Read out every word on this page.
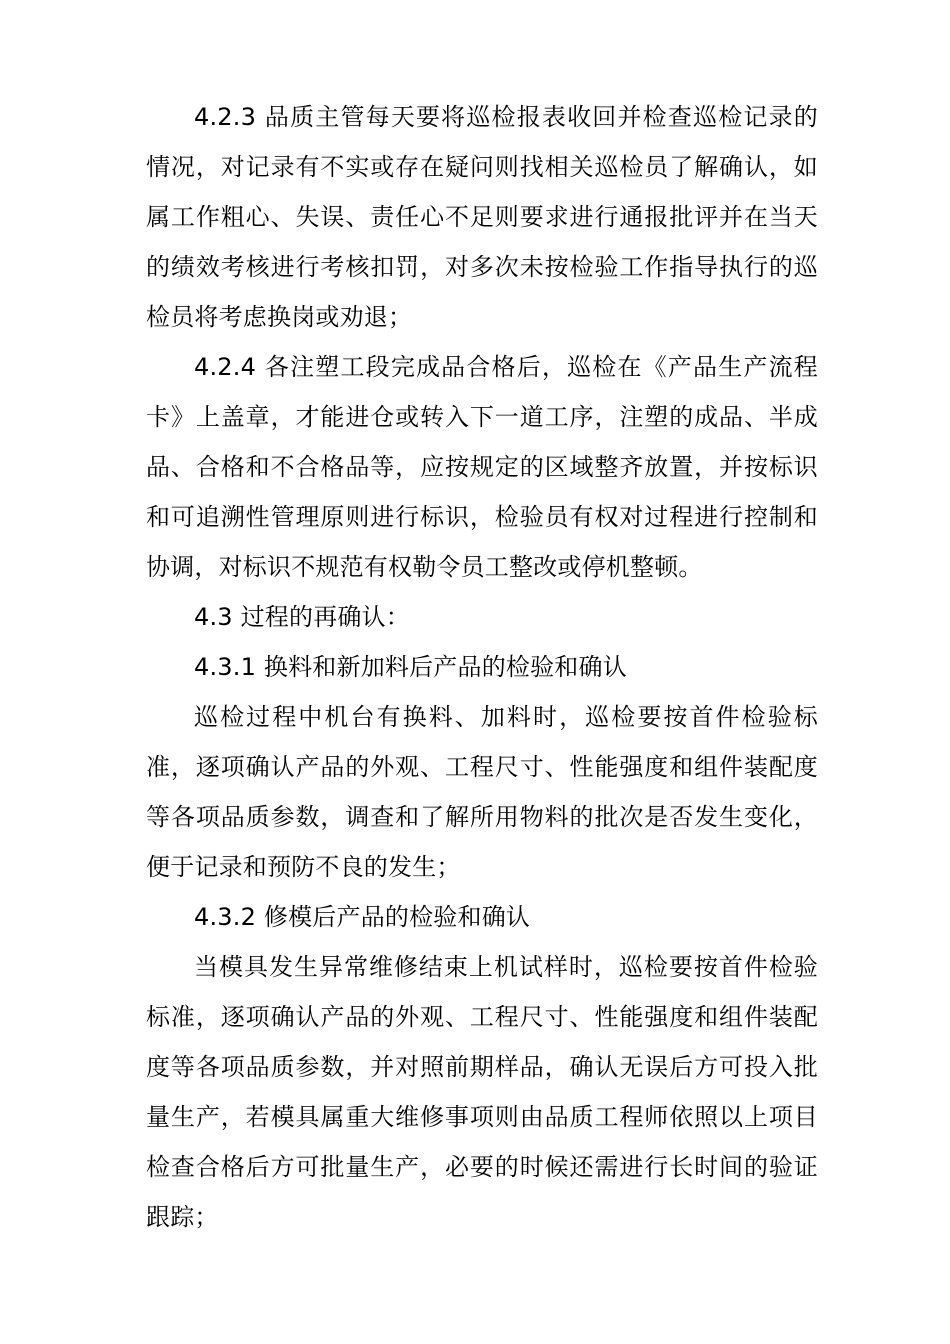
4.2.3 品质主管每天要将巡检报表收回并检查巡检记录的情况，对记录有不实或存在疑问则找相关巡检员了解确认，如属工作粗心、失误、责任心不足则要求进行通报批评并在当天的绩效考核进行考核扣罚，对多次未按检验工作指导执行的巡检员将考虑换岗或劝退；

4.2.4 各注塑工段完成品合格后，巡检在《产品生产流程卡》上盖章，才能进仓或转入下一道工序，注塑的成品、半成品、合格和不合格品等，应按规定的区域整齐放置，并按标识和可追溯性管理原则进行标识，检验员有权对过程进行控制和协调，对标识不规范有权勒令员工整改或停机整顿。

4.3 过程的再确认：

4.3.1 换料和新加料后产品的检验和确认

巡检过程中机台有换料、加料时，巡检要按首件检验标准，逐项确认产品的外观、工程尺寸、性能强度和组件装配度等各项品质参数，调查和了解所用物料的批次是否发生变化，便于记录和预防不良的发生；

4.3.2 修模后产品的检验和确认

当模具发生异常维修结束上机试样时，巡检要按首件检验标准，逐项确认产品的外观、工程尺寸、性能强度和组件装配度等各项品质参数，并对照前期样品，确认无误后方可投入批量生产，若模具属重大维修事项则由品质工程师依照以上项目检查合格后方可批量生产，必要的时候还需进行长时间的验证跟踪；
